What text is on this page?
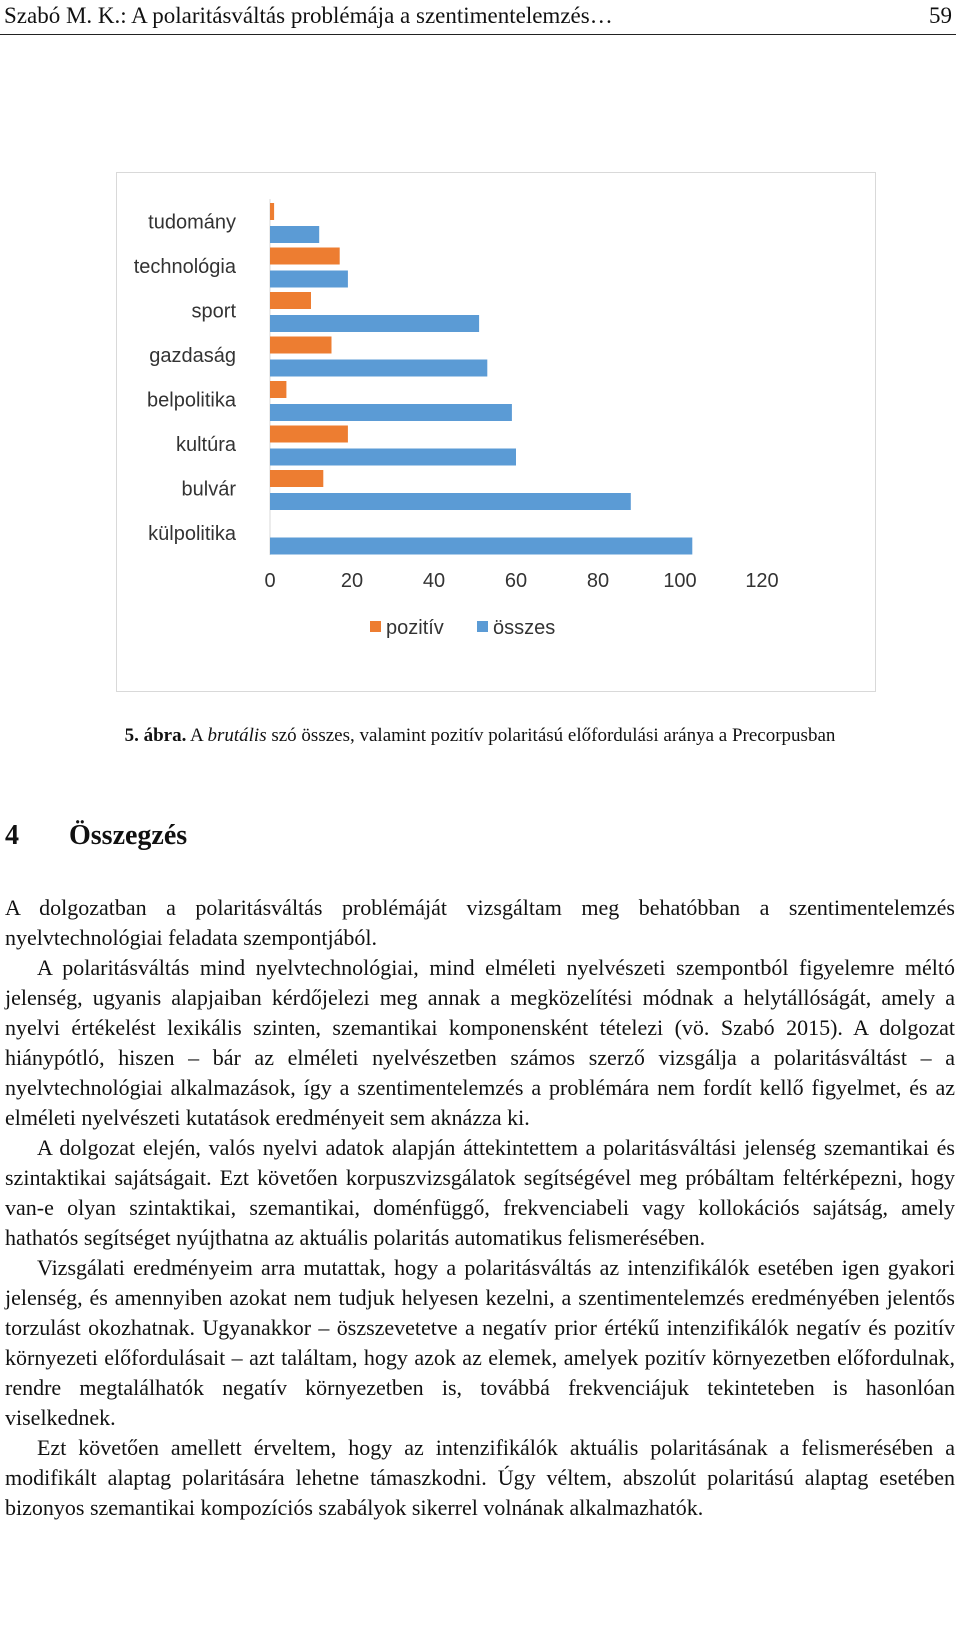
Szabó M. K.: A polaritásváltás problémája a szentimentelemzés…	59
tudomány
technológia
sport
gazdaság
belpolitika
kultúra
bulvár
külpolitika
0	20	40	60	80	100 120
pozitív összes
5. ábra. A brutális szó összes, valamint pozitív polaritású előfordulási aránya a Precorpusban
4 Összegzés

A dolgozatban a polaritásváltás problémáját vizsgáltam meg behatóbban a szentimentelemzés nyelvtechnológiai feladata szempontjából.

A polaritásváltás mind nyelvtechnológiai, mind elméleti nyelvészeti szempontból figyelemre méltó jelenség, ugyanis alapjaiban kérdőjelezi meg annak a megközelítési módnak a helytállóságát, amely a nyelvi értékelést lexikális szinten, szemantikai komponensként tételezi (vö. Szabó 2015). A dolgozat hiánypótló, hiszen – bár az elméleti nyelvészetben számos szerző vizsgálja a polaritásváltást – a nyelvtechnológiai alkalmazások, így a szentimentelemzés a problémára nem fordít kellő figyelmet, és az elméleti nyelvészeti kutatások eredményeit sem aknázza ki.

A dolgozat elején, valós nyelvi adatok alapján áttekintettem a polaritásváltási jelenség szemantikai és szintaktikai sajátságait. Ezt követően korpuszvizsgálatok segítségével meg próbáltam feltérképezni, hogy van-e olyan szintaktikai, szemantikai, doménfüggő, frekvenciabeli vagy kollokációs sajátság, amely hathatós segítséget nyújthatna az aktuális polaritás automatikus felismerésében.

Vizsgálati eredményeim arra mutattak, hogy a polaritásváltás az intenzifikálók esetében igen gyakori jelenség, és amennyiben azokat nem tudjuk helyesen kezelni, a szentimentelemzés eredményében jelentős torzulást okozhatnak. Ugyanakkor – öszszevetetve a negatív prior értékű intenzifikálók negatív és pozitív környezeti előfordulásait – azt találtam, hogy azok az elemek, amelyek pozitív környezetben előfordulnak, rendre megtalálhatók negatív környezetben is, továbbá frekvenciájuk tekinteteben is hasonlóan viselkednek.

Ezt követően amellett érveltem, hogy az intenzifikálók aktuális polaritásának a felismerésében a modifikált alaptag polaritására lehetne támaszkodni. Úgy véltem, abszolút polaritású alaptag esetében bizonyos szemantikai kompozíciós szabályok sikerrel volnának alkalmazhatók.
